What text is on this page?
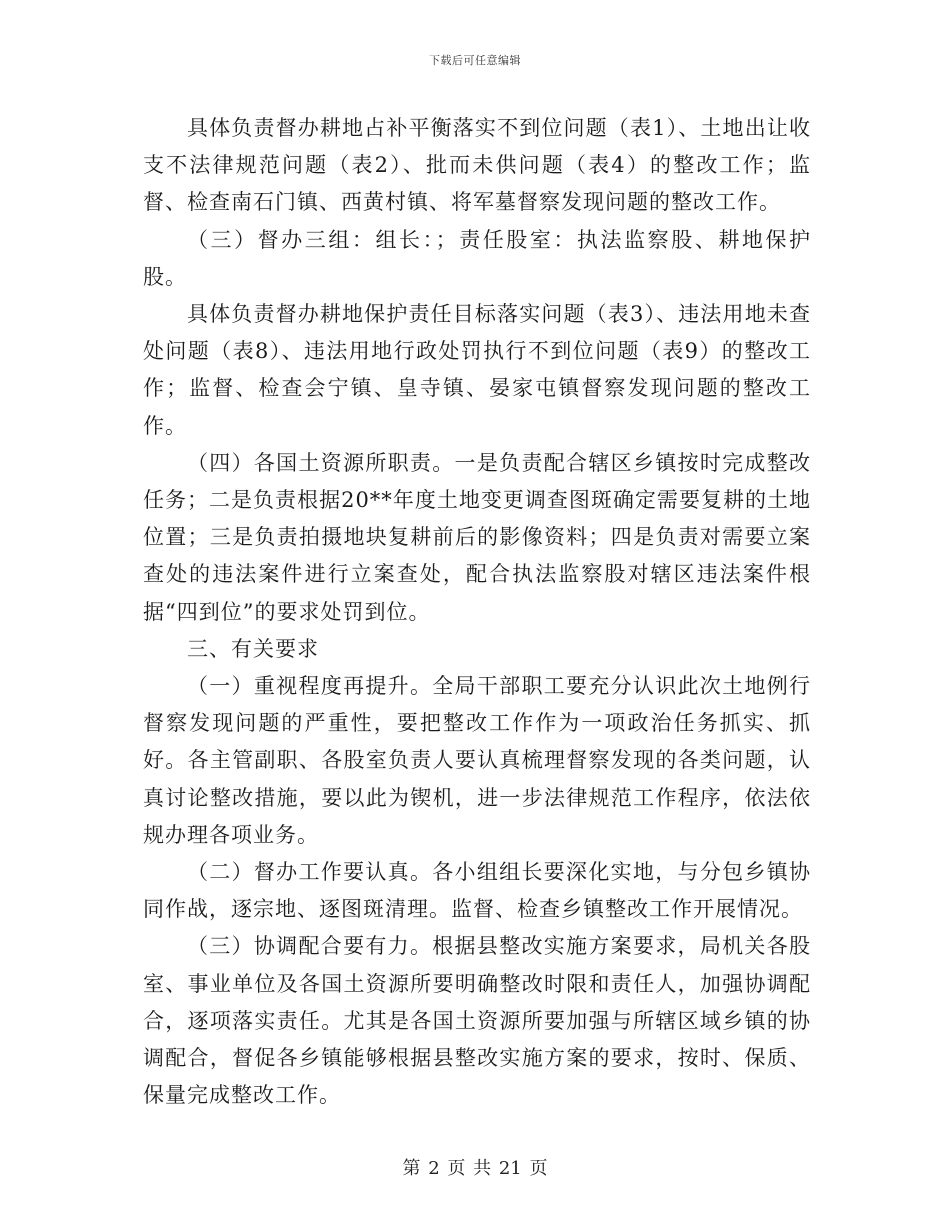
下载后可任意编辑

具体负责督办耕地占补平衡落实不到位问题（表1）、土地出让收支不法律规范问题（表2）、批而未供问题（表4）的整改工作；监督、检查南石门镇、西黄村镇、将军墓督察发现问题的整改工作。

（三）督办三组：组长：；责任股室：执法监察股、耕地保护股。

具体负责督办耕地保护责任目标落实问题（表3）、违法用地未查处问题（表8）、违法用地行政处罚执行不到位问题（表9）的整改工作；监督、检查会宁镇、皇寺镇、晏家屯镇督察发现问题的整改工作。

（四）各国土资源所职责。一是负责配合辖区乡镇按时完成整改任务；二是负责根据20**年度土地变更调查图斑确定需要复耕的土地位置；三是负责拍摄地块复耕前后的影像资料；四是负责对需要立案查处的违法案件进行立案查处，配合执法监察股对辖区违法案件根据“四到位”的要求处罚到位。

三、有关要求

（一）重视程度再提升。全局干部职工要充分认识此次土地例行督察发现问题的严重性，要把整改工作作为一项政治任务抓实、抓好。各主管副职、各股室负责人要认真梳理督察发现的各类问题，认真讨论整改措施，要以此为锲机，进一步法律规范工作程序，依法依规办理各项业务。

（二）督办工作要认真。各小组组长要深化实地，与分包乡镇协同作战，逐宗地、逐图斑清理。监督、检查乡镇整改工作开展情况。

（三）协调配合要有力。根据县整改实施方案要求，局机关各股室、事业单位及各国土资源所要明确整改时限和责任人，加强协调配合，逐项落实责任。尤其是各国土资源所要加强与所辖区域乡镇的协调配合，督促各乡镇能够根据县整改实施方案的要求，按时、保质、保量完成整改工作。

第 2 页 共 21 页
